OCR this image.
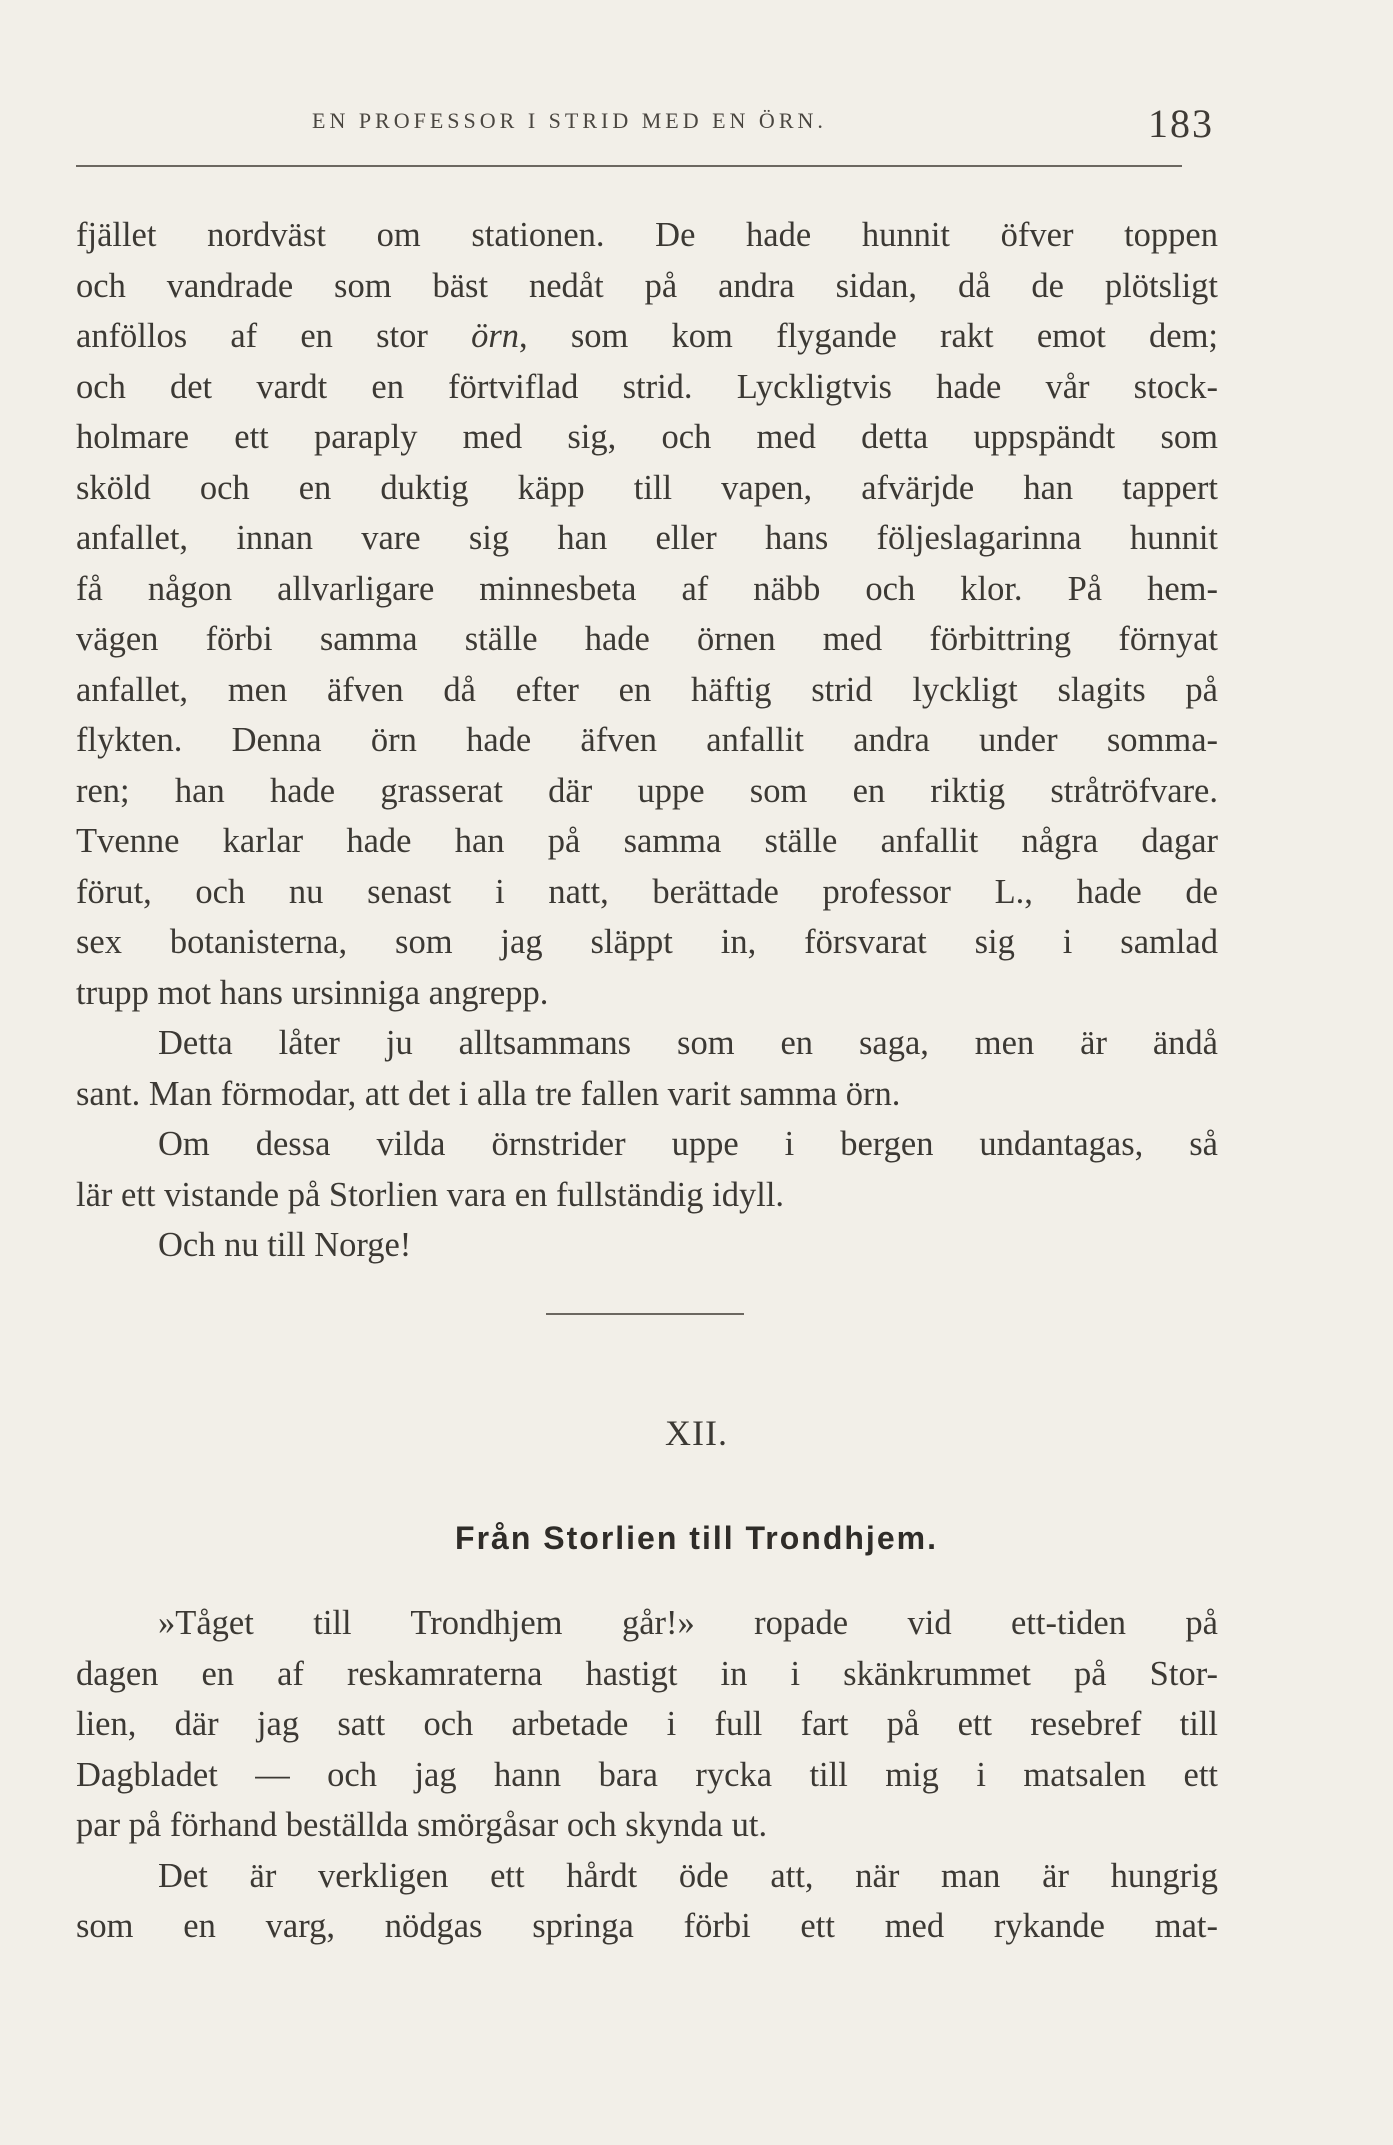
EN PROFESSOR I STRID MED EN ÖRN.	183
fjället nordväst om stationen. De hade hunnit öfver toppen
och vandrade som bäst nedåt på andra sidan, då de plötsligt
anföllos af en stor örn, som kom flygande rakt emot dem;
och det vardt en förtviflad strid. Lyckligtvis hade vår stock-
holmare ett paraply med sig, och med detta uppspändt som
sköld och en duktig käpp till vapen, afvärjde han tappert
anfallet, innan vare sig han eller hans följeslagarinna hunnit
få någon allvarligare minnesbeta af näbb och klor. På hem-
vägen förbi samma ställe hade örnen med förbittring förnyat
anfallet, men äfven då efter en häftig strid lyckligt slagits på
flykten. Denna örn hade äfven anfallit andra under somma-
ren; han hade grasserat där uppe som en riktig stråtröfvare.
Tvenne karlar hade han på samma ställe anfallit några dagar
förut, och nu senast i natt, berättade professor L., hade de
sex botanisterna, som jag släppt in, försvarat sig i samlad
trupp mot hans ursinniga angrepp.
Detta låter ju alltsammans som en saga, men är ändå
sant. Man förmodar, att det i alla tre fallen varit samma örn.
Om dessa vilda örnstrider uppe i bergen undantagas, så
lär ett vistande på Storlien vara en fullständig idyll.
Och nu till Norge!
XII.
Från Storlien till Trondhjem.
»Tåget till Trondhjem går!» ropade vid ett-tiden på
dagen en af reskamraterna hastigt in i skänkrummet på Stor-
lien, där jag satt och arbetade i full fart på ett resebref till
Dagbladet — och jag hann bara rycka till mig i matsalen ett
par på förhand beställda smörgåsar och skynda ut.
Det är verkligen ett hårdt öde att, när man är hungrig
som en varg, nödgas springa förbi ett med rykande mat-
